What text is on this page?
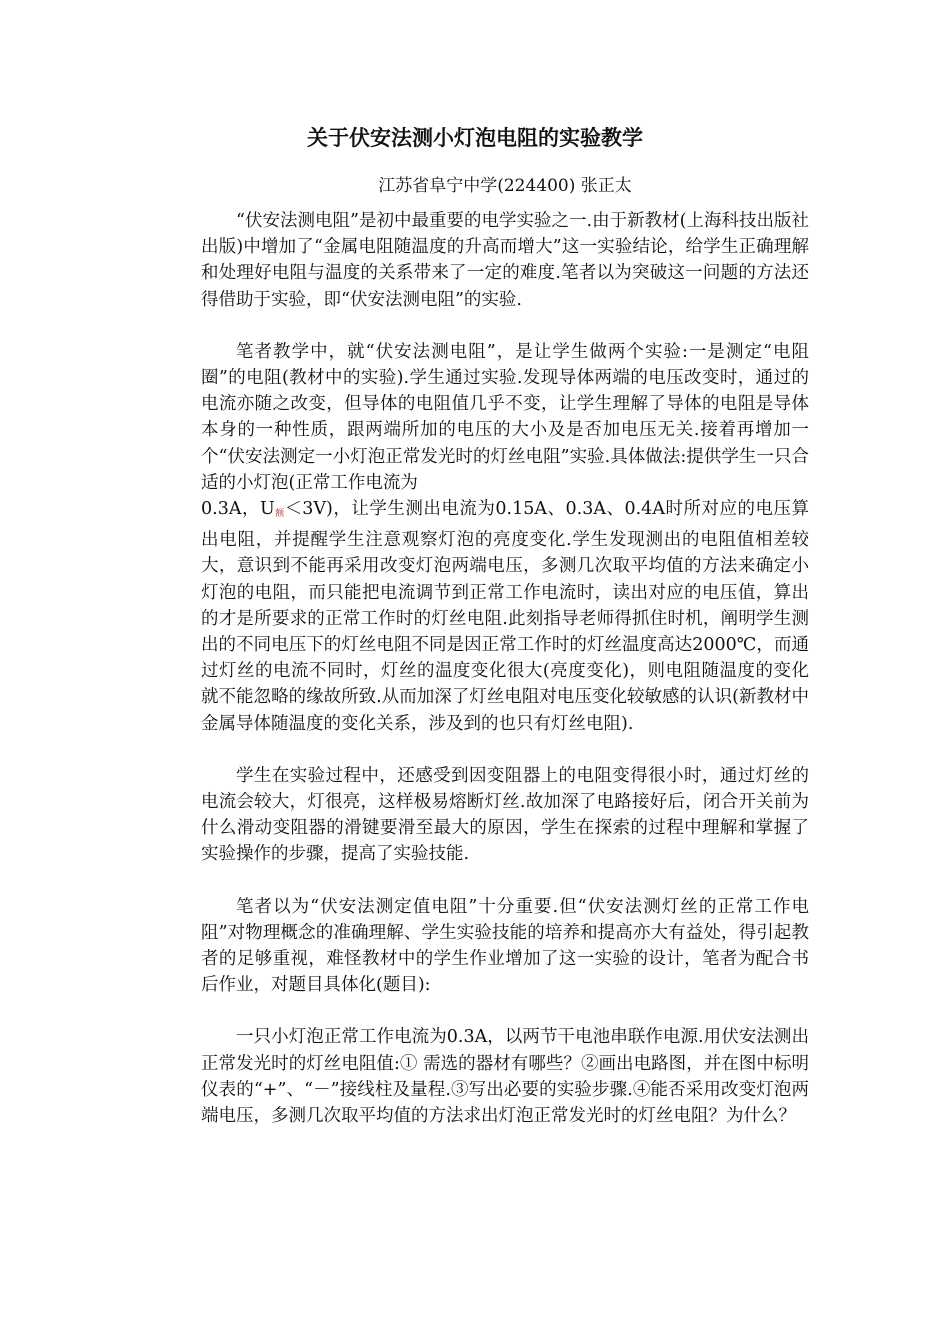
关于伏安法测小灯泡电阻的实验教学
江苏省阜宁中学(224400) 张正太

“伏安法测电阻”是初中最重要的电学实验之一.由于新教材(上海科技出版社出版)中增加了“金属电阻随温度的升高而增大”这一实验结论，给学生正确理解和处理好电阻与温度的关系带来了一定的难度.笔者以为突破这一问题的方法还得借助于实验，即“伏安法测电阻”的实验.

笔者教学中，就“伏安法测电阻”，是让学生做两个实验:一是测定“电阻圈”的电阻(教材中的实验).学生通过实验.发现导体两端的电压改变时，通过的电流亦随之改变，但导体的电阻值几乎不变，让学生理解了导体的电阻是导体本身的一种性质，跟两端所加的电压的大小及是否加电压无关.接着再增加一个“伏安法测定一小灯泡正常发光时的灯丝电阻”实验.具体做法:提供学生一只合适的小灯泡(正常工作电流为
0.3A，$U_额<3V$)，让学生测出电流为0.15A、0.3A、0.4A时所对应的电压算出电阻，并提醒学生注意观察灯泡的亮度变化.学生发现测出的电阻值相差较大，意识到不能再采用改变灯泡两端电压，多测几次取平均值的方法来确定小灯泡的电阻，而只能把电流调节到正常工作电流时，读出对应的电压值，算出的才是所要求的正常工作时的灯丝电阻.此刻指导老师得抓住时机，阐明学生测出的不同电压下的灯丝电阻不同是因正常工作时的灯丝温度高达2000℃，而通过灯丝的电流不同时，灯丝的温度变化很大(亮度变化)，则电阻随温度的变化就不能忽略的缘故所致.从而加深了灯丝电阻对电压变化较敏感的认识(新教材中金属导体随温度的变化关系，涉及到的也只有灯丝电阻).

学生在实验过程中，还感受到因变阻器上的电阻变得很小时，通过灯丝的电流会较大，灯很亮，这样极易熔断灯丝.故加深了电路接好后，闭合开关前为什么滑动变阻器的滑键要滑至最大的原因，学生在探索的过程中理解和掌握了实验操作的步骤，提高了实验技能.

笔者以为“伏安法测定值电阻”十分重要.但“伏安法测灯丝的正常工作电阻”对物理概念的准确理解、学生实验技能的培养和提高亦大有益处，得引起教者的足够重视，难怪教材中的学生作业增加了这一实验的设计，笔者为配合书后作业，对题目具体化(题目):

一只小灯泡正常工作电流为0.3A，以两节干电池串联作电源.用伏安法测出正常发光时的灯丝电阻值:① 需选的器材有哪些？②画出电路图，并在图中标明仪表的“+”、“－”接线柱及量程.③写出必要的实验步骤.④能否采用改变灯泡两端电压，多测几次取平均值的方法求出灯泡正常发光时的灯丝电阻？为什么？
